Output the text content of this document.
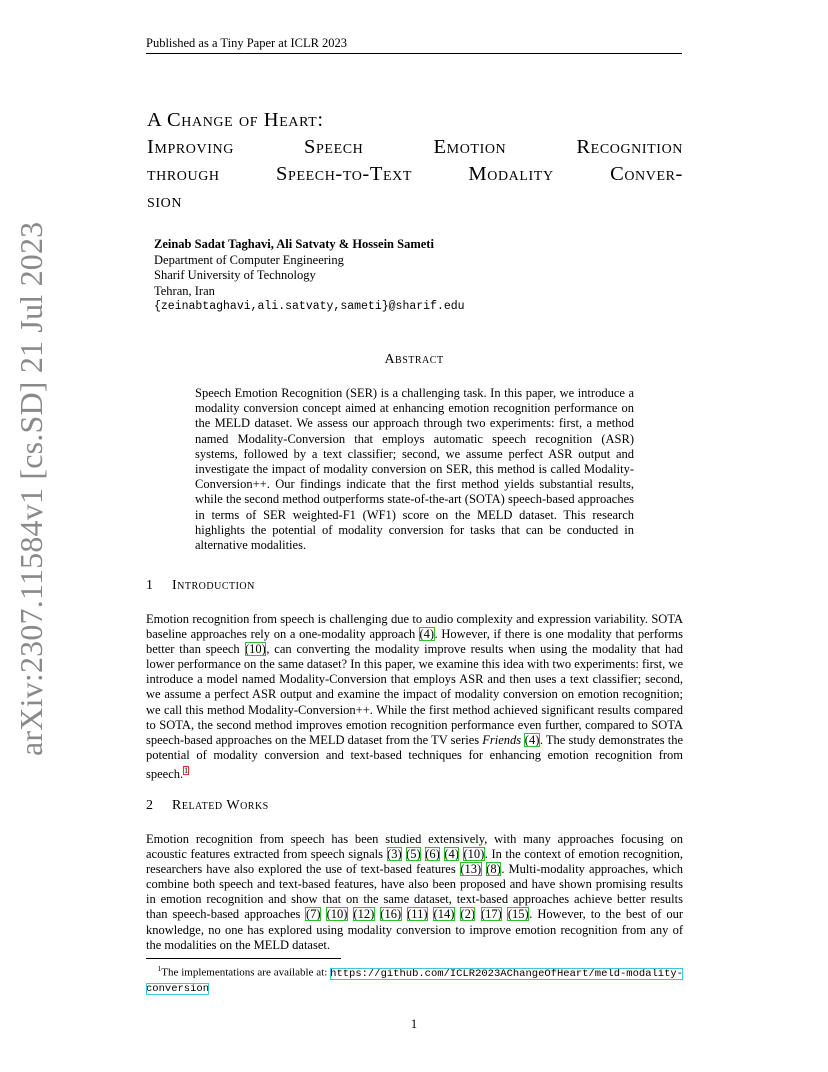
Published as a Tiny Paper at ICLR 2023
arXiv:2307.11584v1 [cs.SD] 21 Jul 2023
A Change of Heart:
Improving Speech Emotion Recognition
through Speech-to-Text Modality Conver-
sion
Zeinab Sadat Taghavi, Ali Satvaty & Hossein Sameti
Department of Computer Engineering
Sharif University of Technology
Tehran, Iran
{zeinabtaghavi,ali.satvaty,sameti}@sharif.edu
Abstract
Speech Emotion Recognition (SER) is a challenging task. In this paper, we introduce a modality conversion concept aimed at enhancing emotion recognition performance on the MELD dataset. We assess our approach through two experiments: first, a method named Modality-Conversion that employs automatic speech recognition (ASR) systems, followed by a text classifier; second, we assume perfect ASR output and investigate the impact of modality conversion on SER, this method is called Modality-Conversion++. Our findings indicate that the first method yields substantial results, while the second method outperforms state-of-the-art (SOTA) speech-based approaches in terms of SER weighted-F1 (WF1) score on the MELD dataset. This research highlights the potential of modality conversion for tasks that can be conducted in alternative modalities.
1 Introduction
Emotion recognition from speech is challenging due to audio complexity and expression variability. SOTA baseline approaches rely on a one-modality approach (4). However, if there is one modality that performs better than speech (10), can converting the modality improve results when using the modality that had lower performance on the same dataset? In this paper, we examine this idea with two experiments: first, we introduce a model named Modality-Conversion that employs ASR and then uses a text classifier; second, we assume a perfect ASR output and examine the impact of modality conversion on emotion recognition; we call this method Modality-Conversion++. While the first method achieved significant results compared to SOTA, the second method improves emotion recognition performance even further, compared to SOTA speech-based approaches on the MELD dataset from the TV series Friends (4). The study demonstrates the potential of modality conversion and text-based techniques for enhancing emotion recognition from speech.$^1$
2 Related Works
Emotion recognition from speech has been studied extensively, with many approaches focusing on acoustic features extracted from speech signals (3) (5) (6) (4) (10). In the context of emotion recognition, researchers have also explored the use of text-based features (13) (8). Multi-modality approaches, which combine both speech and text-based features, have also been proposed and have shown promising results in emotion recognition and show that on the same dataset, text-based approaches achieve better results than speech-based approaches (7) (10) (12) (16) (11) (14) (2) (17) (15). However, to the best of our knowledge, no one has explored using modality conversion to improve emotion recognition from any of the modalities on the MELD dataset.
$^1$The implementations are available at: https://github.com/ICLR2023AChangeOfHeart/meld-modality-conversion
1
